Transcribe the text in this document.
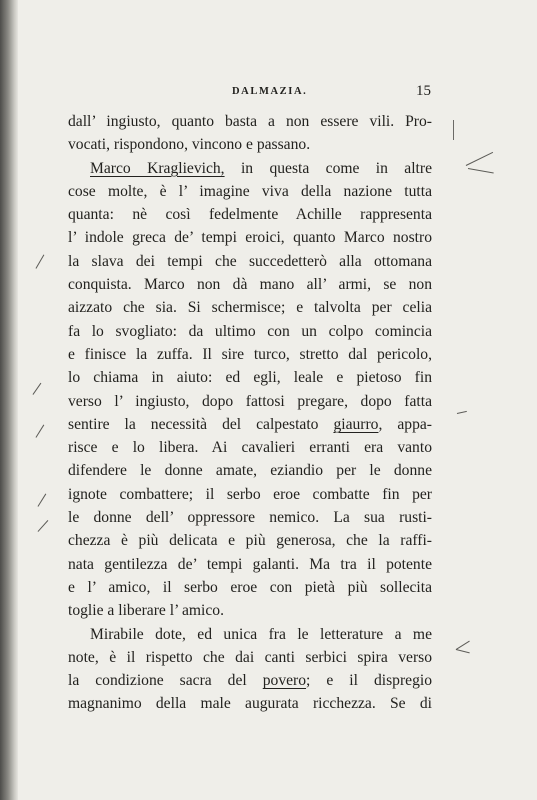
DALMAZIA.	15
dall’ ingiusto, quanto basta a non essere vili. Pro-
vocati, rispondono, vincono e passano.
Marco Kraglievich, in questa come in altre
cose molte, è l’ imagine viva della nazione tutta
quanta: nè così fedelmente Achille rappresenta
l’ indole greca de’ tempi eroici, quanto Marco nostro
la slava dei tempi che succedetterò alla ottomana
conquista. Marco non dà mano all’ armi, se non
aizzato che sia. Si schermisce; e talvolta per celia
fa lo svogliato: da ultimo con un colpo comincia
e finisce la zuffa. Il sire turco, stretto dal pericolo,
lo chiama in aiuto: ed egli, leale e pietoso fin
verso l’ ingiusto, dopo fattosi pregare, dopo fatta
sentire la necessità del calpestato giaurro, appa-
risce e lo libera. Ai cavalieri erranti era vanto
difendere le donne amate, eziandio per le donne
ignote combattere; il serbo eroe combatte fin per
le donne dell’ oppressore nemico. La sua rusti-
chezza è più delicata e più generosa, che la raffi-
nata gentilezza de’ tempi galanti. Ma tra il potente
e l’ amico, il serbo eroe con pietà più sollecita
toglie a liberare l’ amico.
Mirabile dote, ed unica fra le letterature a me
note, è il rispetto che dai canti serbici spira verso
la condizione sacra del povero; e il dispregio
magnanimo della male augurata ricchezza. Se di
